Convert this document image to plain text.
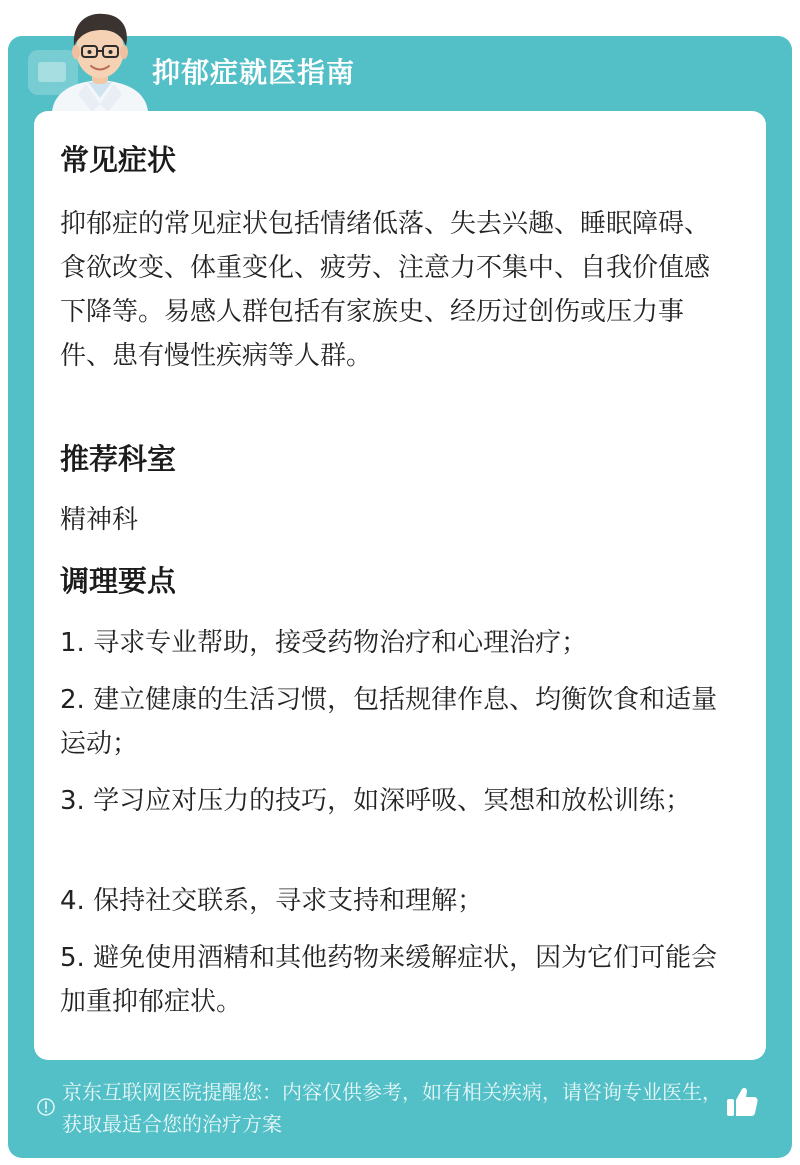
抑郁症就医指南
常见症状
抑郁症的常见症状包括情绪低落、失去兴趣、睡眠障碍、食欲改变、体重变化、疲劳、注意力不集中、自我价值感下降等。易感人群包括有家族史、经历过创伤或压力事件、患有慢性疾病等人群。
推荐科室
精神科
调理要点
1. 寻求专业帮助，接受药物治疗和心理治疗；
2. 建立健康的生活习惯，包括规律作息、均衡饮食和适量运动；
3. 学习应对压力的技巧，如深呼吸、冥想和放松训练；
4. 保持社交联系，寻求支持和理解；
5. 避免使用酒精和其他药物来缓解症状，因为它们可能会加重抑郁症状。
京东互联网医院提醒您：内容仅供参考，如有相关疾病，请咨询专业医生，获取最适合您的治疗方案
